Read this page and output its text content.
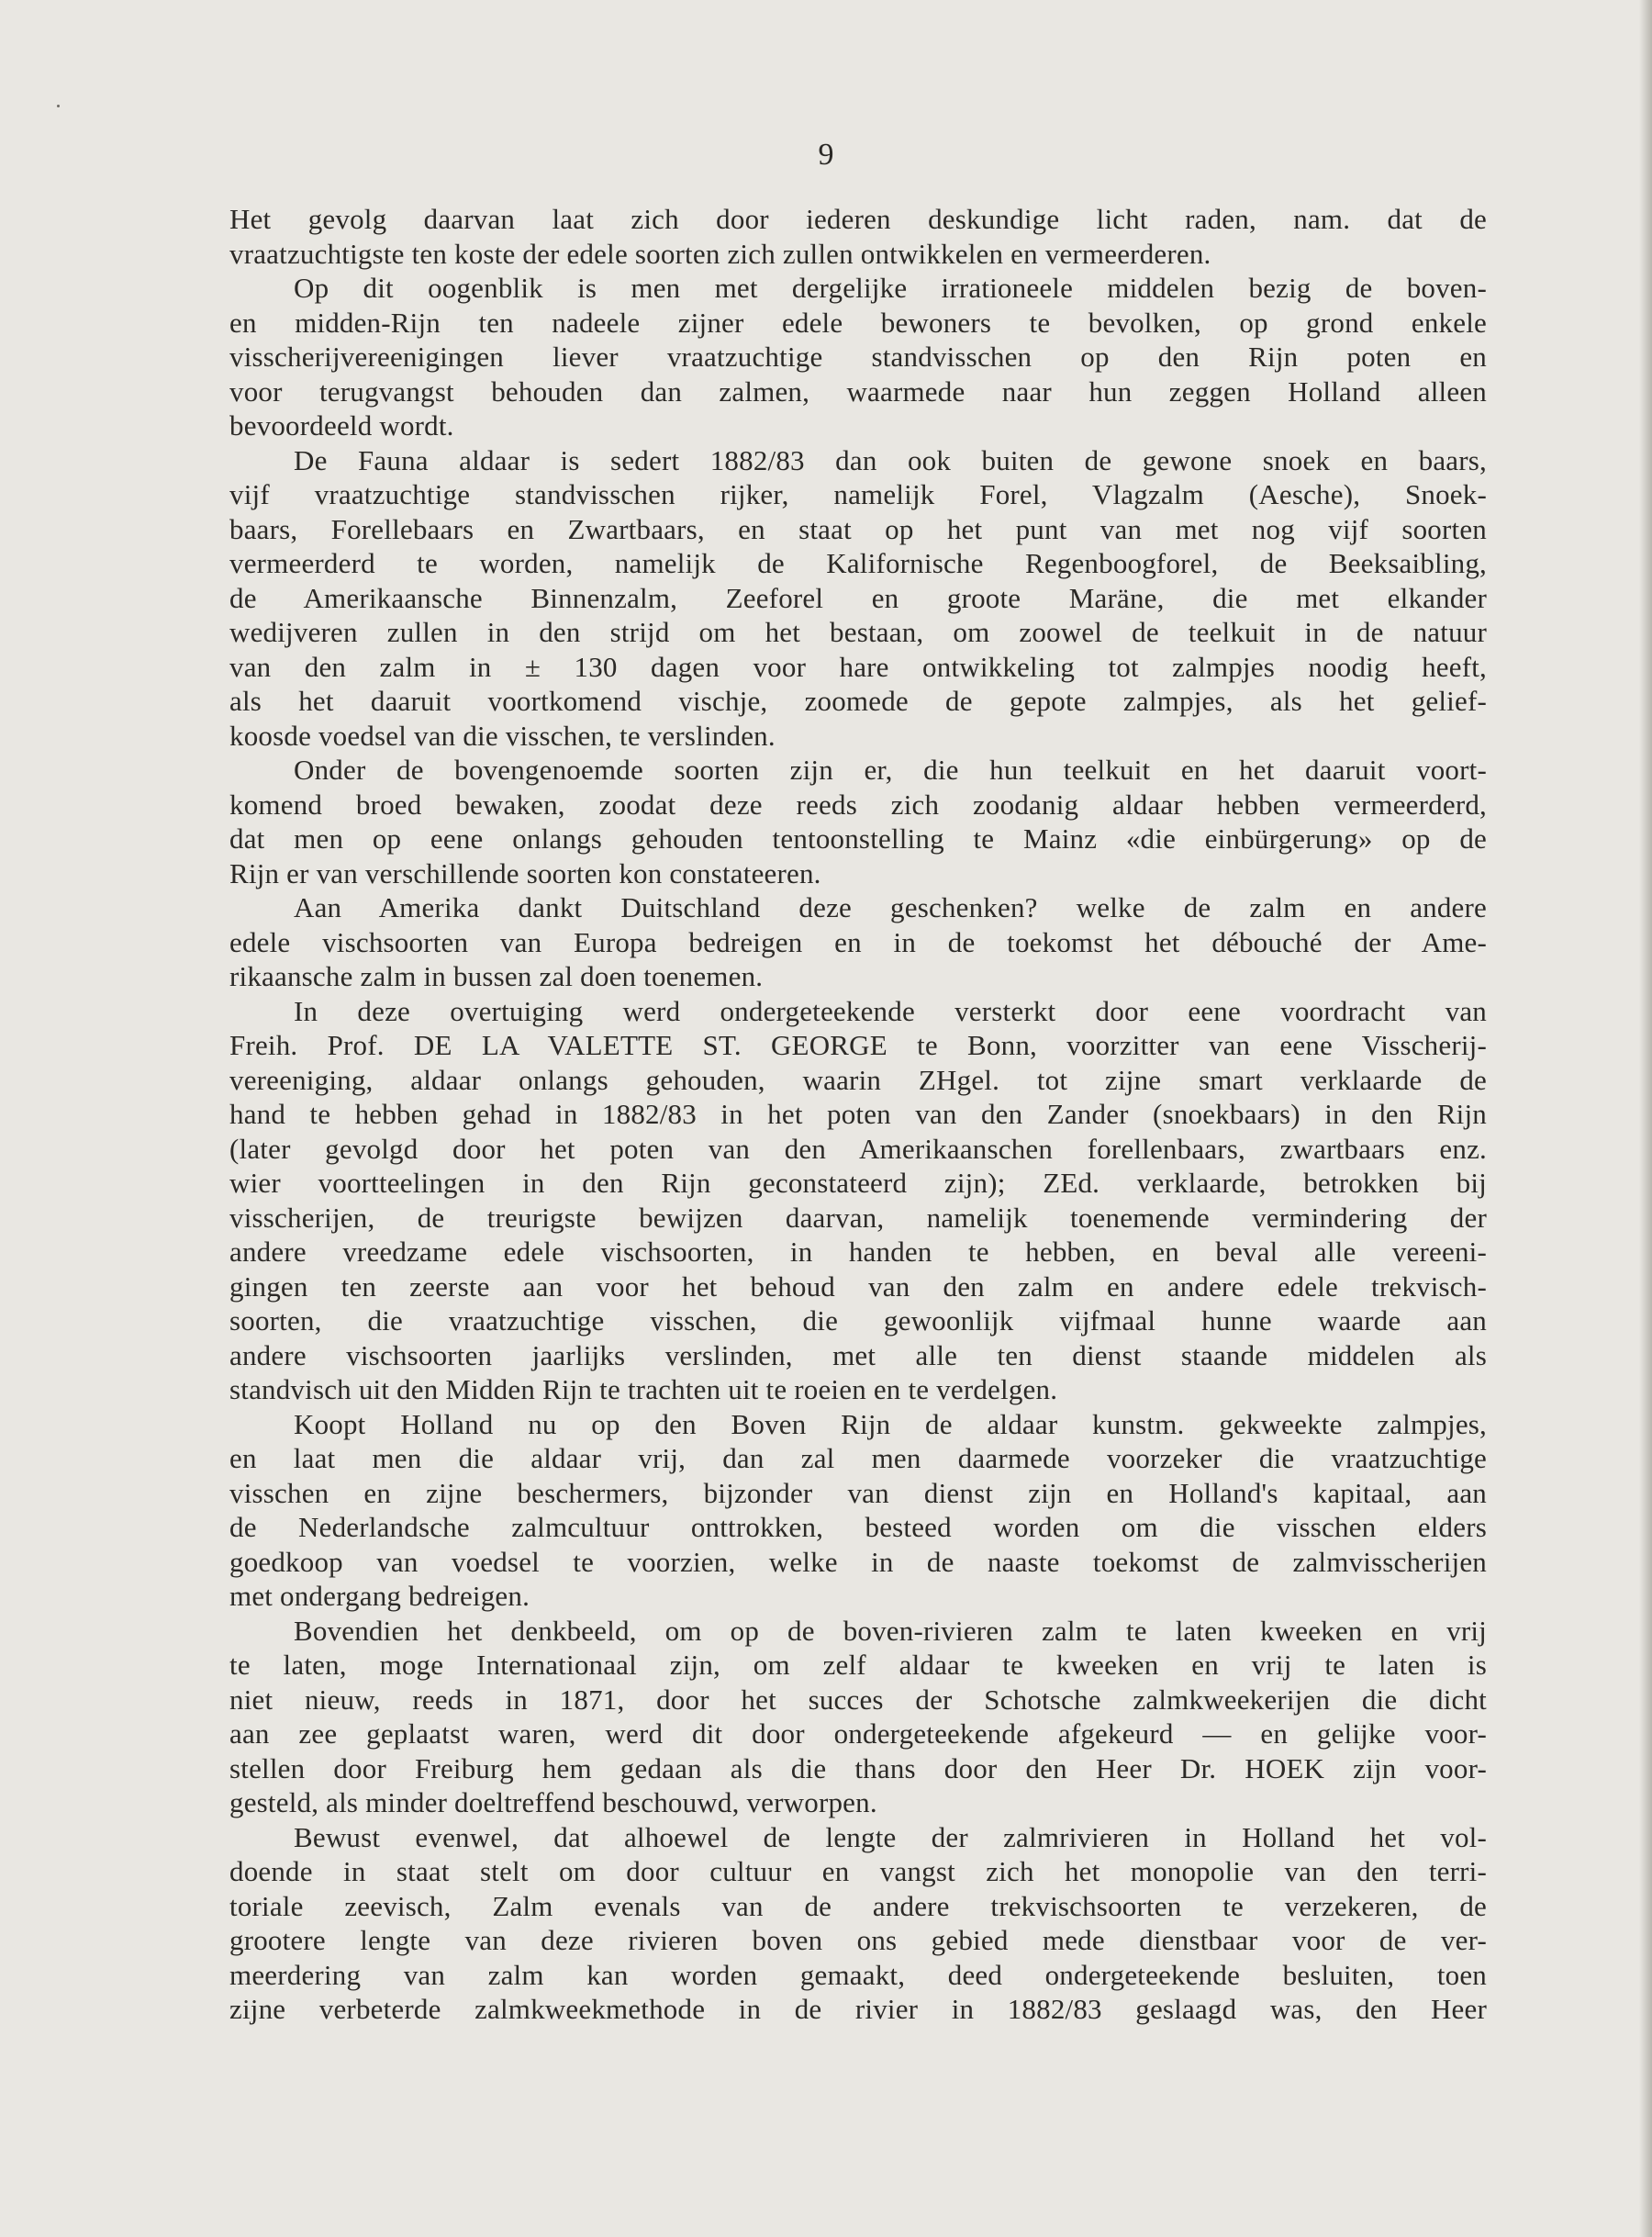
9
Het gevolg daarvan laat zich door iederen deskundige licht raden, nam. dat de
vraatzuchtigste ten koste der edele soorten zich zullen ontwikkelen en vermeerderen.
Op dit oogenblik is men met dergelijke irrationeele middelen bezig de boven-
en midden-Rijn ten nadeele zijner edele bewoners te bevolken, op grond enkele
visscherijvereenigingen liever vraatzuchtige standvisschen op den Rijn poten en
voor terugvangst behouden dan zalmen, waarmede naar hun zeggen Holland alleen
bevoordeeld wordt.
De Fauna aldaar is sedert 1882/83 dan ook buiten de gewone snoek en baars,
vijf vraatzuchtige standvisschen rijker, namelijk Forel, Vlagzalm (Aesche), Snoek-
baars, Forellebaars en Zwartbaars, en staat op het punt van met nog vijf soorten
vermeerderd te worden, namelijk de Kalifornische Regenboogforel, de Beeksaibling,
de Amerikaansche Binnenzalm, Zeeforel en groote Maräne, die met elkander
wedijveren zullen in den strijd om het bestaan, om zoowel de teelkuit in de natuur
van den zalm in ± 130 dagen voor hare ontwikkeling tot zalmpjes noodig heeft,
als het daaruit voortkomend vischje, zoomede de gepote zalmpjes, als het gelief-
koosde voedsel van die visschen, te verslinden.
Onder de bovengenoemde soorten zijn er, die hun teelkuit en het daaruit voort-
komend broed bewaken, zoodat deze reeds zich zoodanig aldaar hebben vermeerderd,
dat men op eene onlangs gehouden tentoonstelling te Mainz «die einbürgerung» op de
Rijn er van verschillende soorten kon constateeren.
Aan Amerika dankt Duitschland deze geschenken? welke de zalm en andere
edele vischsoorten van Europa bedreigen en in de toekomst het débouché der Ame-
rikaansche zalm in bussen zal doen toenemen.
In deze overtuiging werd ondergeteekende versterkt door eene voordracht van
Freih. Prof. DE LA VALETTE ST. GEORGE te Bonn, voorzitter van eene Visscherij-
vereeniging, aldaar onlangs gehouden, waarin ZHgel. tot zijne smart verklaarde de
hand te hebben gehad in 1882/83 in het poten van den Zander (snoekbaars) in den Rijn
(later gevolgd door het poten van den Amerikaanschen forellenbaars, zwartbaars enz.
wier voortteelingen in den Rijn geconstateerd zijn); ZEd. verklaarde, betrokken bij
visscherijen, de treurigste bewijzen daarvan, namelijk toenemende vermindering der
andere vreedzame edele vischsoorten, in handen te hebben, en beval alle vereeni-
gingen ten zeerste aan voor het behoud van den zalm en andere edele trekvisch-
soorten, die vraatzuchtige visschen, die gewoonlijk vijfmaal hunne waarde aan
andere vischsoorten jaarlijks verslinden, met alle ten dienst staande middelen als
standvisch uit den Midden Rijn te trachten uit te roeien en te verdelgen.
Koopt Holland nu op den Boven Rijn de aldaar kunstm. gekweekte zalmpjes,
en laat men die aldaar vrij, dan zal men daarmede voorzeker die vraatzuchtige
visschen en zijne beschermers, bijzonder van dienst zijn en Holland's kapitaal, aan
de Nederlandsche zalmcultuur onttrokken, besteed worden om die visschen elders
goedkoop van voedsel te voorzien, welke in de naaste toekomst de zalmvisscherijen
met ondergang bedreigen.
Bovendien het denkbeeld, om op de boven-rivieren zalm te laten kweeken en vrij
te laten, moge Internationaal zijn, om zelf aldaar te kweeken en vrij te laten is
niet nieuw, reeds in 1871, door het succes der Schotsche zalmkweekerijen die dicht
aan zee geplaatst waren, werd dit door ondergeteekende afgekeurd — en gelijke voor-
stellen door Freiburg hem gedaan als die thans door den Heer Dr. HOEK zijn voor-
gesteld, als minder doeltreffend beschouwd, verworpen.
Bewust evenwel, dat alhoewel de lengte der zalmrivieren in Holland het vol-
doende in staat stelt om door cultuur en vangst zich het monopolie van den terri-
toriale zeevisch, Zalm evenals van de andere trekvischsoorten te verzekeren, de
grootere lengte van deze rivieren boven ons gebied mede dienstbaar voor de ver-
meerdering van zalm kan worden gemaakt, deed ondergeteekende besluiten, toen
zijne verbeterde zalmkweekmethode in de rivier in 1882/83 geslaagd was, den Heer
